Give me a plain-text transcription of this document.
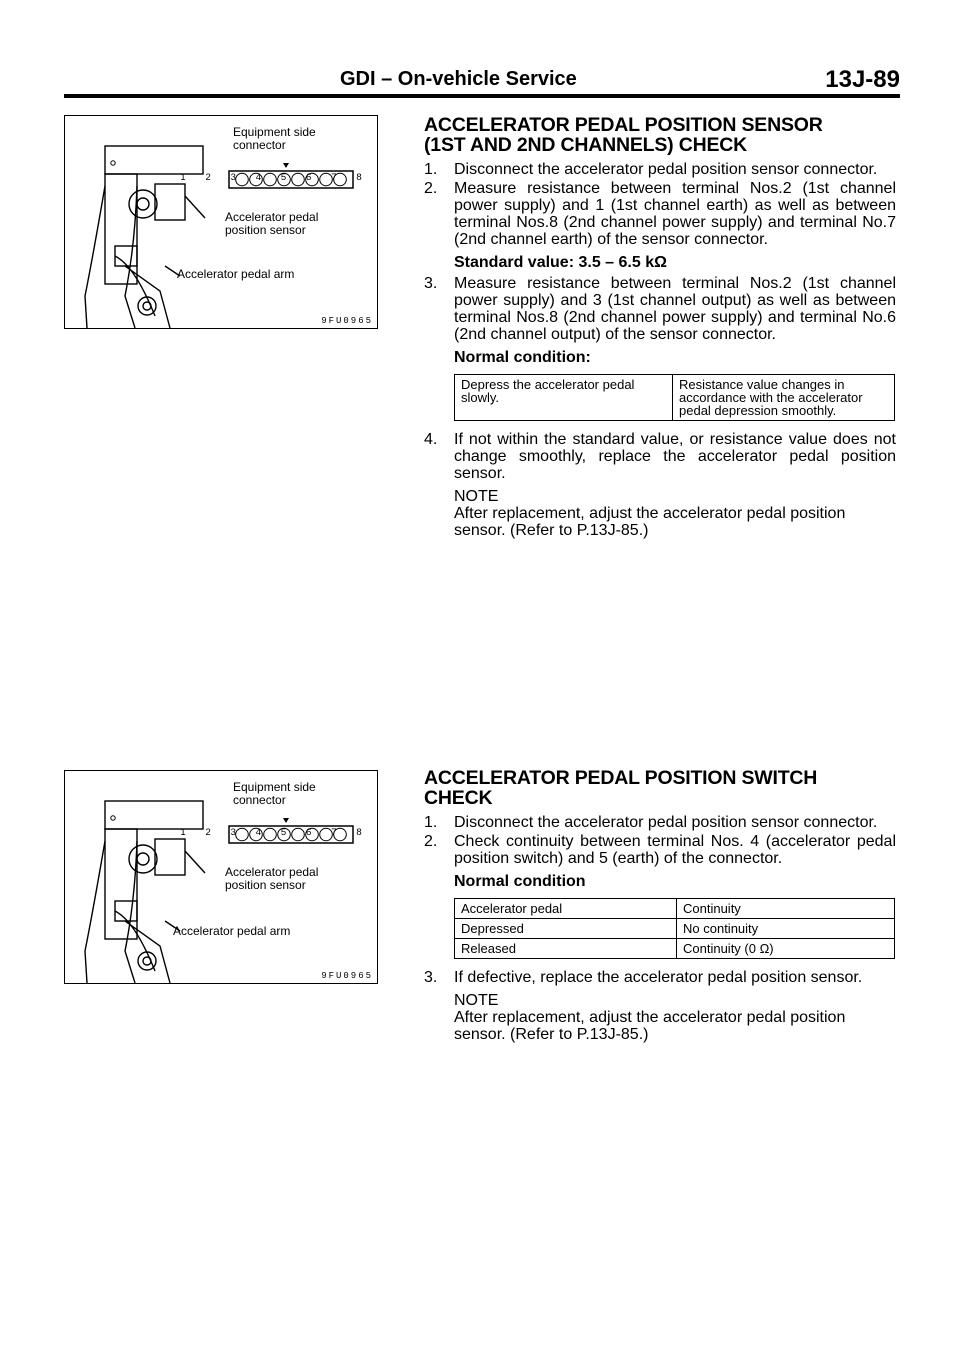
GDI – On-vehicle Service	13J-89
Equipment side
connector
1	2	3	4	5	6	7	8
Accelerator pedal
position sensor
Accelerator pedal arm
9FU0965
Equipment side
connector
1	2	3	4	5	6	7	8
Accelerator pedal
position sensor
Accelerator pedal arm
9FU0965
ACCELERATOR PEDAL POSITION SENSOR
(1ST AND 2ND CHANNELS) CHECK
1. Disconnect the accelerator pedal position sensor connector.
2. Measure resistance between terminal Nos.2 (1st channel power supply) and 1 (1st channel earth) as well as between terminal Nos.8 (2nd channel power supply) and terminal No.7 (2nd channel earth) of the sensor connector.
Standard value: 3.5 – 6.5 kΩ
3. Measure resistance between terminal Nos.2 (1st channel power supply) and 3 (1st channel output) as well as between terminal Nos.8 (2nd channel power supply) and terminal No.6 (2nd channel output) of the sensor connector.
Normal condition:
Depress the accelerator pedal slowly.	Resistance value changes in accordance with the accelerator pedal depression smoothly.
4. If not within the standard value, or resistance value does not change smoothly, replace the accelerator pedal position sensor.
NOTE
After replacement, adjust the accelerator pedal position sensor. (Refer to P.13J-85.)
ACCELERATOR PEDAL POSITION SWITCH
CHECK
1. Disconnect the accelerator pedal position sensor connector.
2. Check continuity between terminal Nos. 4 (accelerator pedal position switch) and 5 (earth) of the connector.
Normal condition
Accelerator pedal	Continuity
Depressed	No continuity
Released	Continuity (0 Ω)
3. If defective, replace the accelerator pedal position sensor.
NOTE
After replacement, adjust the accelerator pedal position sensor. (Refer to P.13J-85.)
